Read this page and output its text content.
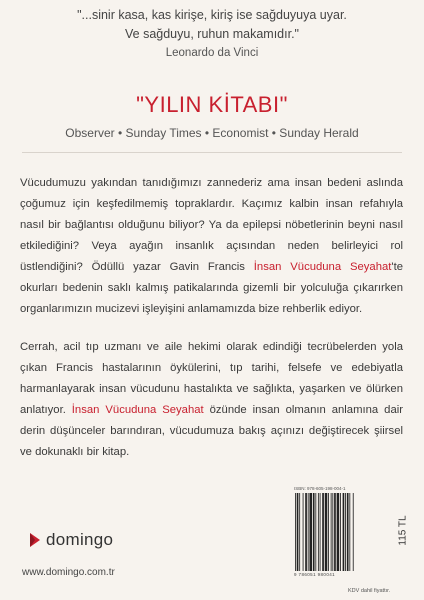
"...sinir kasa, kas kirişe, kiriş ise sağduyuya uyar.
Ve sağduyu, ruhun makamıdır."
Leonardo da Vinci
"YILIN KİTABI"
Observer • Sunday Times • Economist • Sunday Herald

Vücudumuzu yakından tanıdığımızı zannederiz ama insan bedeni aslında çoğumuz için keşfedilmemiş topraklardır. Kaçımız kalbin insan refahıyla nasıl bir bağlantısı olduğunu biliyor? Ya da epilepsi nöbetlerinin beyni nasıl etkilediğini? Veya ayağın insanlık açısından neden belirleyici rol üstlendiğini? Ödüllü yazar Gavin Francis İnsan Vücuduna Seyahat'te okurları bedenin saklı kalmış patikalarında gizemli bir yolculuğa çıkarırken organlarımızın mucizevi işleyişini anlamamızda bize rehberlik ediyor.

Cerrah, acil tıp uzmanı ve aile hekimi olarak edindiği tecrübelerden yola çıkan Francis hastalarının öykülerini, tıp tarihi, felsefe ve edebiyatla harmanlayarak insan vücudunu hastalıkta ve sağlıkta, yaşarken ve ölürken anlatıyor. İnsan Vücuduna Seyahat özünde insan olmanın anlamına dair derin düşünceler barındıran, vücudumuza bakış açınızı değiştirecek şiirsel ve dokunaklı bir kitap.

domingo
www.domingo.com.tr
ISBN: 978-605-198-004-1
9 786051 980041
115 TL
KDV dahil fiyattır.
